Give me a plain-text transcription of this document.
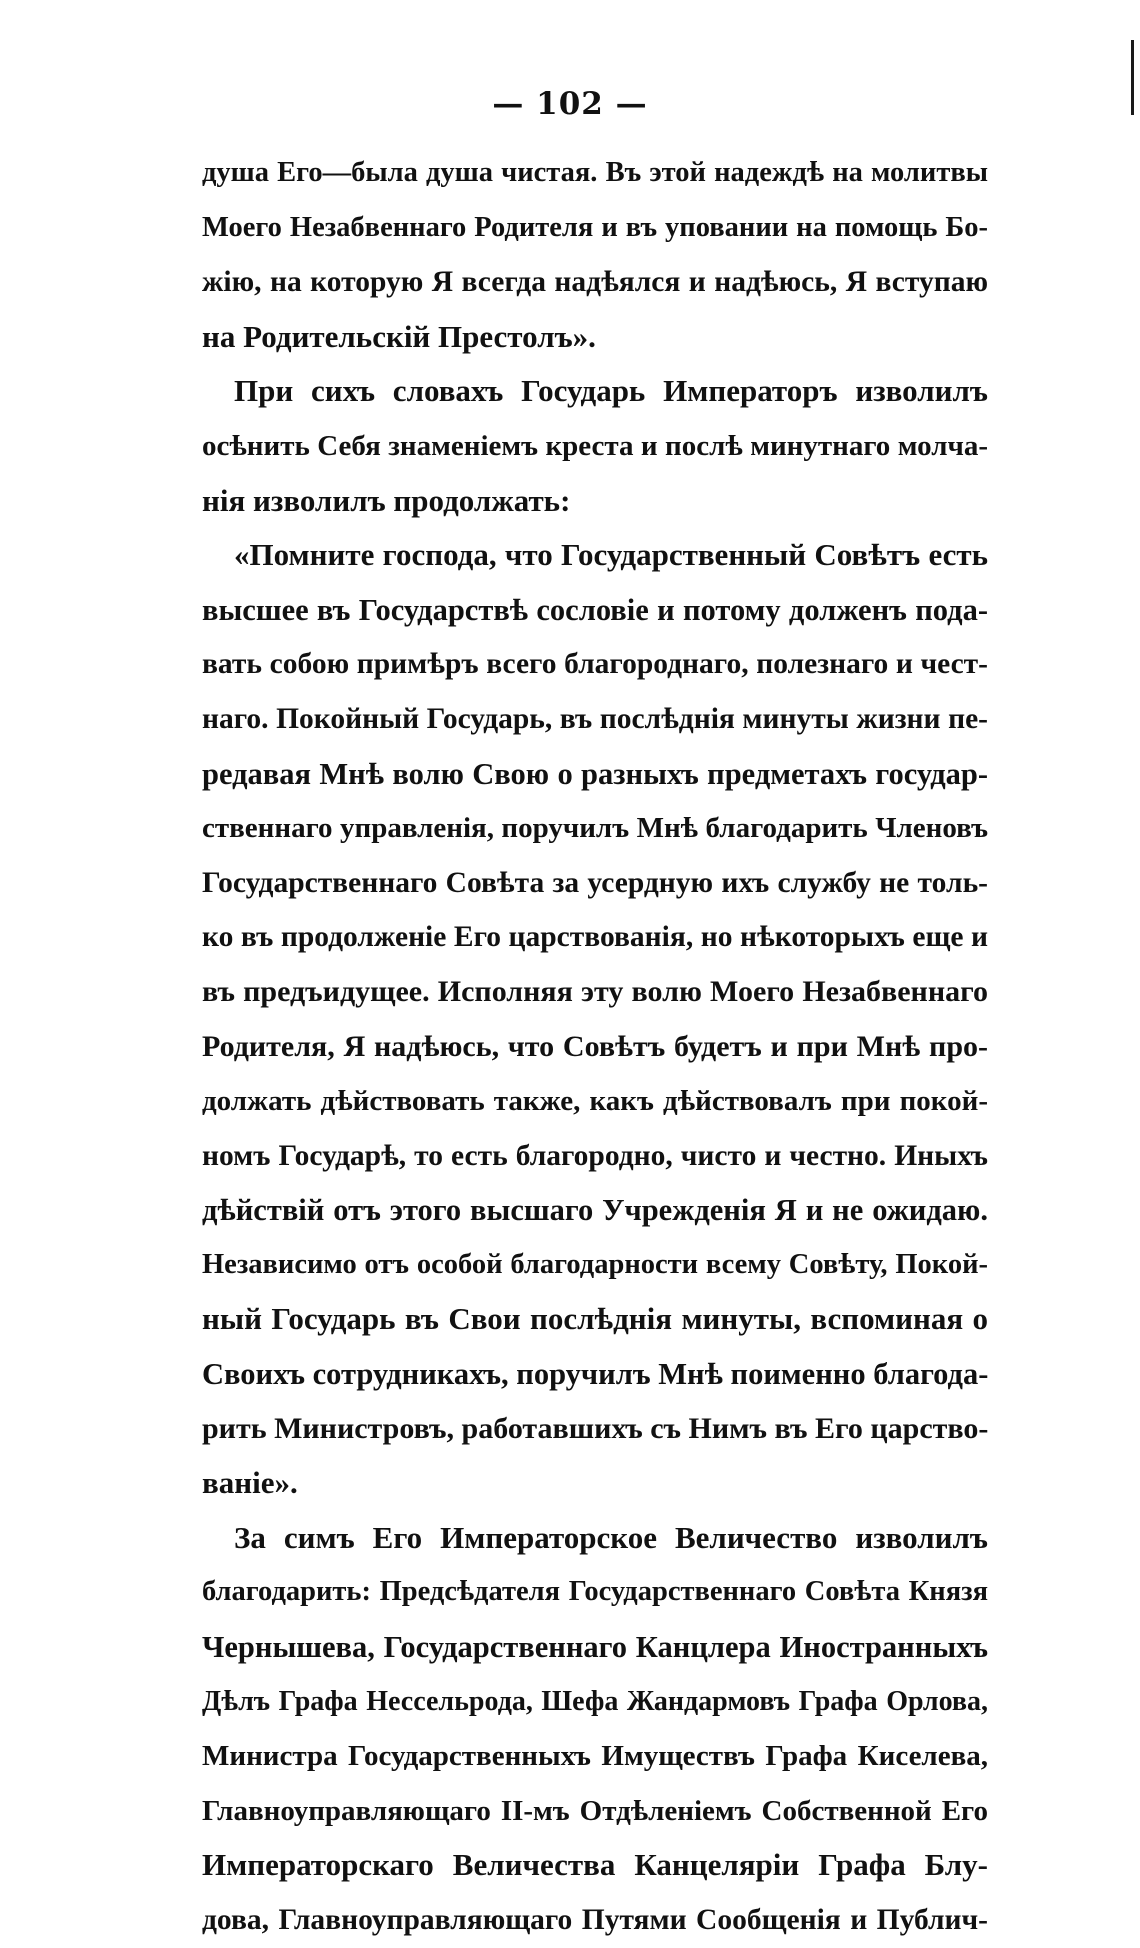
— 102 —
душа Его—была душа чистая. Въ этой надеждѣ на молитвы
Моего Незабвеннаго Родителя и въ уповании на помощь Бо-
жію, на которую Я всегда надѣялся и надѣюсь, Я вступаю
на Родительскій Престолъ».
При сихъ словахъ Государь Императоръ изволилъ
осѣнить Себя знаменіемъ креста и послѣ минутнаго молча-
нія изволилъ продолжать:
«Помните господа, что Государственный Совѣтъ есть
высшее въ Государствѣ сословіе и потому долженъ пода-
вать собою примѣръ всего благороднаго, полезнаго и чест-
наго. Покойный Государь, въ послѣднія минуты жизни пе-
редавая Мнѣ волю Свою о разныхъ предметахъ государ-
ственнаго управленія, поручилъ Мнѣ благодарить Членовъ
Государственнаго Совѣта за усердную ихъ службу не толь-
ко въ продолженіе Его царствованія, но нѣкоторыхъ еще и
въ предъидущее. Исполняя эту волю Моего Незабвеннаго
Родителя, Я надѣюсь, что Совѣтъ будетъ и при Мнѣ про-
должать дѣйствовать также, какъ дѣйствовалъ при покой-
номъ Государѣ, то есть благородно, чисто и честно. Иныхъ
дѣйствій отъ этого высшаго Учрежденія Я и не ожидаю.
Независимо отъ особой благодарности всему Совѣту, Покой-
ный Государь въ Свои послѣднія минуты, вспоминая о
Своихъ сотрудникахъ, поручилъ Мнѣ поименно благода-
рить Министровъ, работавшихъ съ Нимъ въ Его царство-
ваніе».
За симъ Его Императорское Величество изволилъ
благодарить: Предсѣдателя Государственнаго Совѣта Князя
Чернышева, Государственнаго Канцлера Иностранныхъ
Дѣлъ Графа Нессельрода, Шефа Жандармовъ Графа Орлова,
Министра Государственныхъ Имуществъ Графа Киселева,
Главноуправляющаго II-мъ Отдѣленіемъ Собственной Его
Императорскаго Величества Канцеляріи Графа Блу-
дова, Главноуправляющаго Путями Сообщенія и Публич-
